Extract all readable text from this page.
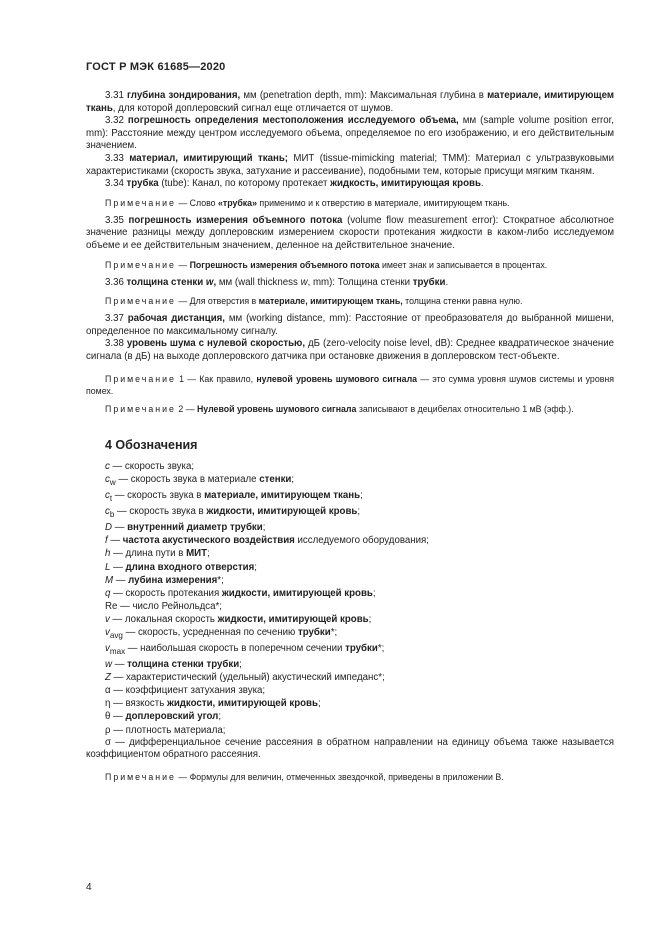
ГОСТ Р МЭК 61685—2020

3.31 глубина зондирования, мм (penetration depth, mm): Максимальная глубина в материале, имитирующем ткань, для которой доплеровский сигнал еще отличается от шумов.

3.32 погрешность определения местоположения исследуемого объема, мм (sample volume position error, mm): Расстояние между центром исследуемого объема, определяемое по его изображению, и его действительным значением.

3.33 материал, имитирующий ткань; МИТ (tissue-mimicking material; TMM): Материал с ультразвуковыми характеристиками (скорость звука, затухание и рассеивание), подобными тем, которые присущи мягким тканям.

3.34 трубка (tube): Канал, по которому протекает жидкость, имитирующая кровь.

Примечание — Слово «трубка» применимо и к отверстию в материале, имитирующем ткань.

3.35 погрешность измерения объемного потока (volume flow measurement error): Стократное абсолютное значение разницы между доплеровским измерением скорости протекания жидкости в каком-либо исследуемом объеме и ее действительным значением, деленное на действительное значение.

Примечание — Погрешность измерения объемного потока имеет знак и записывается в процентах.

3.36 толщина стенки w, мм (wall thickness w, mm): Толщина стенки трубки.

Примечание — Для отверстия в материале, имитирующем ткань, толщина стенки равна нулю.

3.37 рабочая дистанция, мм (working distance, mm): Расстояние от преобразователя до выбранной мишени, определенное по максимальному сигналу.

3.38 уровень шума с нулевой скоростью, дБ (zero-velocity noise level, dB): Среднее квадратическое значение сигнала (в дБ) на выходе доплеровского датчика при остановке движения в доплеровском тест-объекте.

Примечание 1 — Как правило, нулевой уровень шумового сигнала — это сумма уровня шумов системы и уровня помех.

Примечание 2 — Нулевой уровень шумового сигнала записывают в децибелах относительно 1 мВ (эфф.).

4 Обозначения

c — скорость звука;

$c_w$ — скорость звука в материале стенки;

$c_t$ — скорость звука в материале, имитирующем ткань;

$c_b$ — скорость звука в жидкости, имитирующей кровь;

D — внутренний диаметр трубки;

f — частота акустического воздействия исследуемого оборудования;

h — длина пути в МИТ;

L — длина входного отверстия;

M — лубина измерения*;

q — скорость протекания жидкости, имитирующей кровь;

Re — число Рейнольдса*;

v — локальная скорость жидкости, имитирующей кровь;

$v_{avg}$ — скорость, усредненная по сечению трубки*;

$v_{max}$ — наибольшая скорость в поперечном сечении трубки*;

w — толщина стенки трубки;

Z — характеристический (удельный) акустический импеданс*;

α — коэффициент затухания звука;

η — вязкость жидкости, имитирующей кровь;

θ — доплеровский угол;

ρ — плотность материала;

σ — дифференциальное сечение рассеяния в обратном направлении на единицу объема также называется коэффициентом обратного рассеяния.

Примечание — Формулы для величин, отмеченных звездочкой, приведены в приложении В.

4
